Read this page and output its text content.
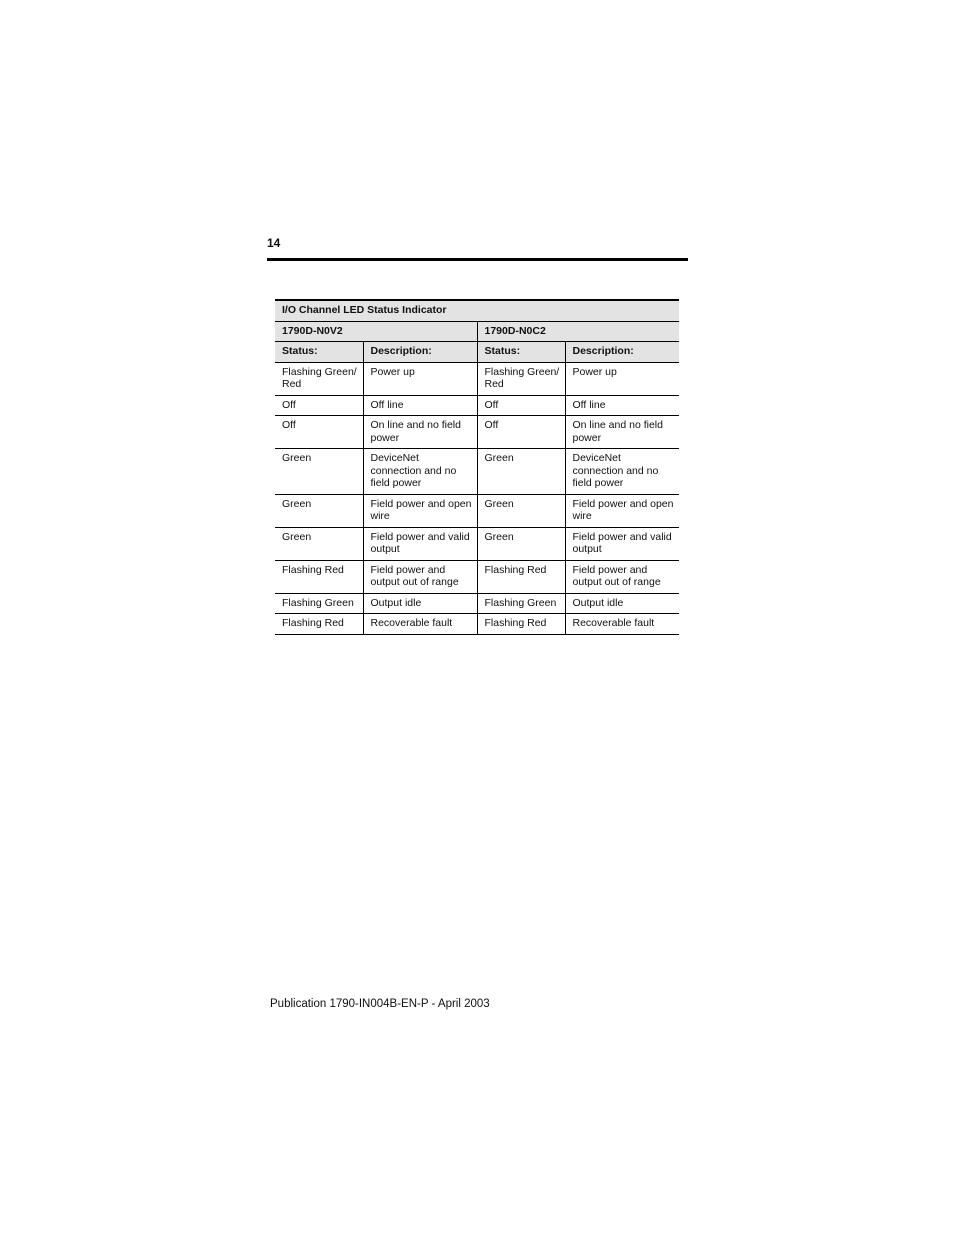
14
I/O Channel LED Status Indicator			
1790D-N0V2		1790D-N0C2	
Status:	Description:	Status:	Description:
Flashing Green/ Red	Power up	Flashing Green/ Red	Power up
Off	Off line	Off	Off line
Off	On line and no field power	Off	On line and no field power
Green	DeviceNet connection and no field power	Green	DeviceNet connection and no field power
Green	Field power and open wire	Green	Field power and open wire
Green	Field power and valid output	Green	Field power and valid output
Flashing Red	Field power and output out of range	Flashing Red	Field power and output out of range
Flashing Green	Output idle	Flashing Green	Output idle
Flashing Red	Recoverable fault	Flashing Red	Recoverable fault
Publication 1790-IN004B-EN-P - April 2003
